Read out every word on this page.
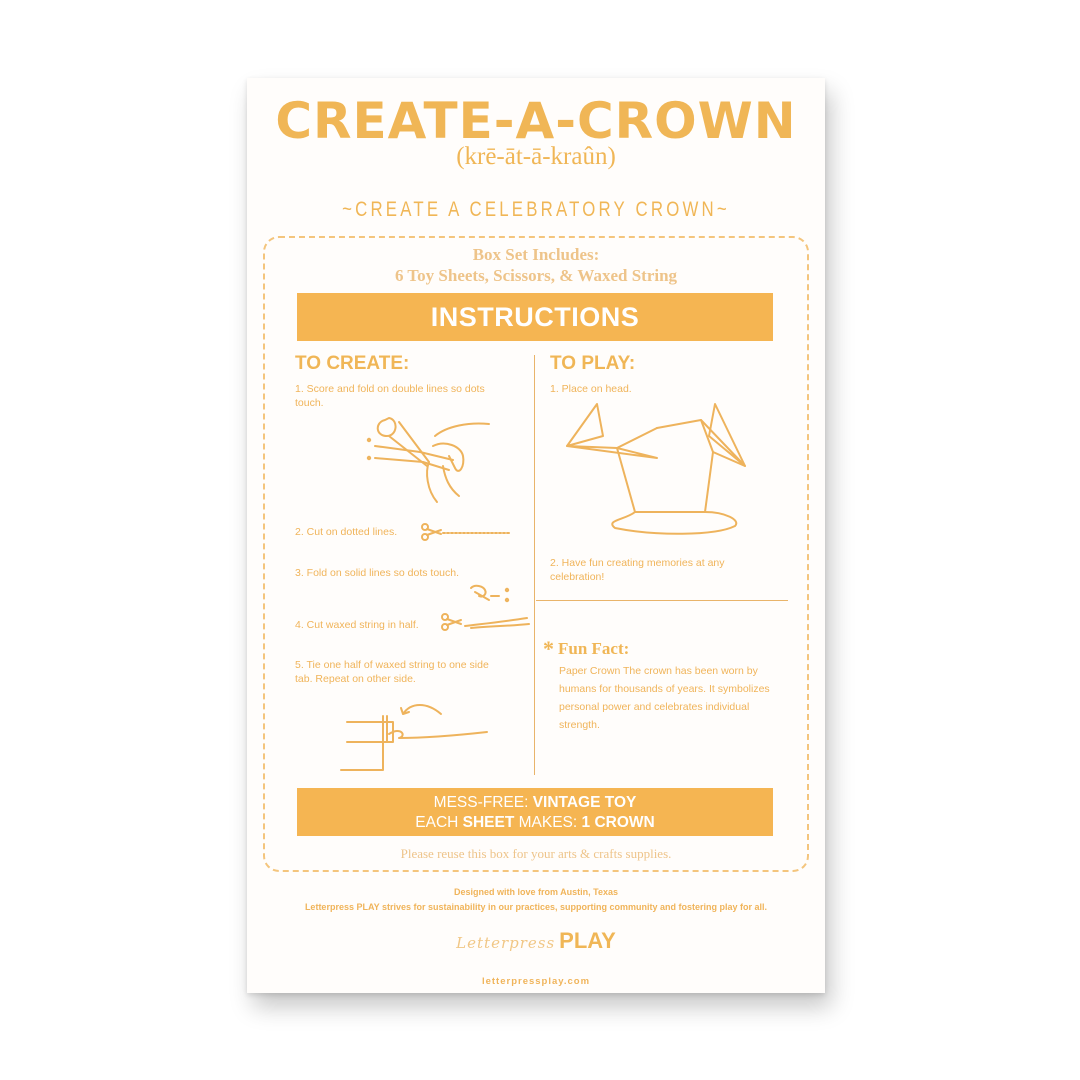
CREATE-A-CROWN
(krē-āt-ā-kraûn)
~CREATE A CELEBRATORY CROWN~
Box Set Includes:
6 Toy Sheets, Scissors, & Waxed String
INSTRUCTIONS
TO CREATE:
1. Score and fold on double lines so dots touch.
2. Cut on dotted lines.
3. Fold on solid lines so dots touch.
4. Cut waxed string in half.
5. Tie one half of waxed string to one side tab. Repeat on other side.
TO PLAY:
1. Place on head.
2. Have fun creating memories at any celebration!
* Fun Fact:
Paper Crown The crown has been worn by humans for thousands of years. It symbolizes personal power and celebrates individual strength.
MESS-FREE: VINTAGE TOY
EACH SHEET MAKES: 1 CROWN
Please reuse this box for your arts & crafts supplies.
Designed with love from Austin, Texas
Letterpress PLAY strives for sustainability in our practices, supporting community and fostering play for all.
Letterpress PLAY
letterpressplay.com
